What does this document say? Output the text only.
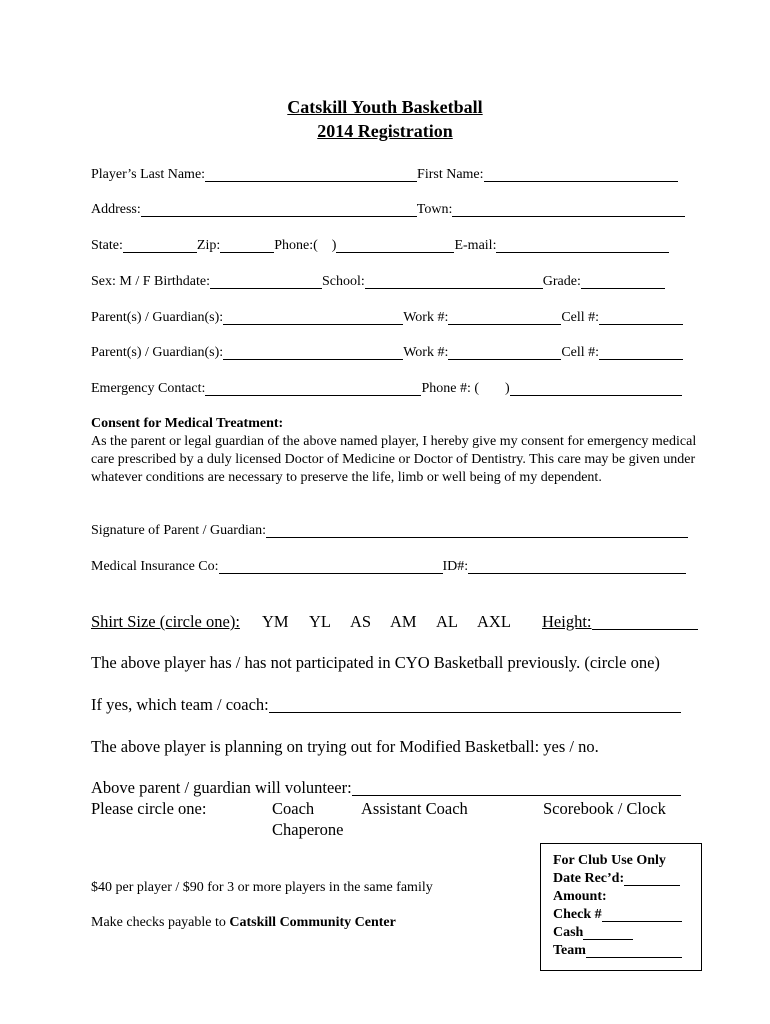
Catskill Youth Basketball
2014 Registration
Player’s Last Name:	First Name:
Address:	Town:
State:	Zip:	Phone:( )	E-mail:
Sex: M / F Birthdate:	School:	Grade:
Parent(s) / Guardian(s):	Work #:	Cell #:
Parent(s) / Guardian(s):	Work #:	Cell #:
Emergency Contact:	Phone #: ( )
Consent for Medical Treatment:
As the parent or legal guardian of the above named player, I hereby give my consent for emergency medical care prescribed by a duly licensed Doctor of Medicine or Doctor of Dentistry. This care may be given under whatever conditions are necessary to preserve the life, limb or well being of my dependent.
Signature of Parent / Guardian:
Medical Insurance Co:	ID#:
Shirt Size (circle one): YM YL AS AM AL AXL Height:
The above player has / has not participated in CYO Basketball previously. (circle one)
If yes, which team / coach:
The above player is planning on trying out for Modified Basketball: yes / no.
Above parent / guardian will volunteer:
Please circle one:	Coach	Assistant Coach	Scorebook / Clock
Chaperone
$40 per player / $90 for 3 or more players in the same family
Make checks payable to Catskill Community Center
For Club Use Only
Date Rec’d:
Amount:
Check #
Cash
Team
